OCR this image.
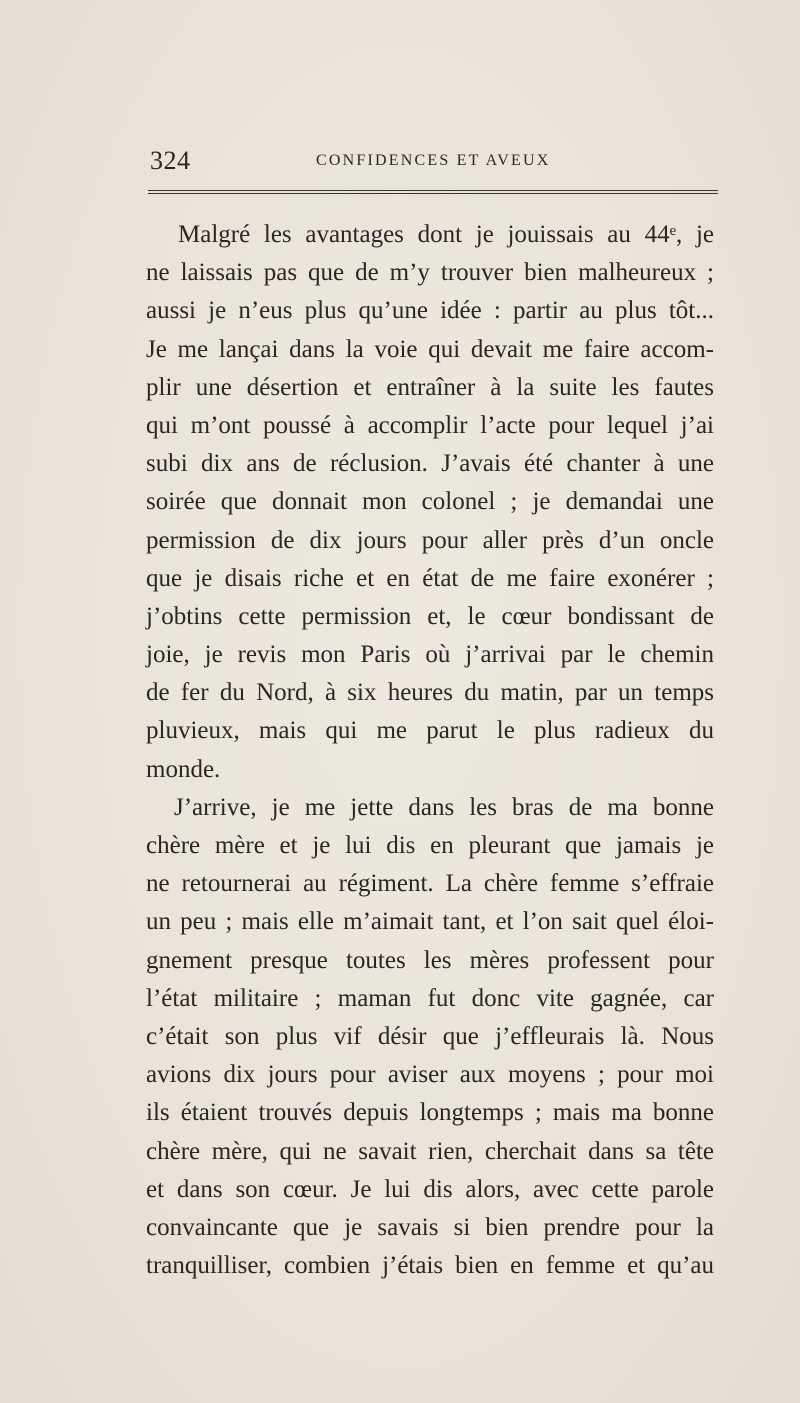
324	CONFIDENCES ET AVEUX
Malgré les avantages dont je jouissais au 44ᵉ, je
ne laissais pas que de m’y trouver bien malheureux ;
aussi je n’eus plus qu’une idée : partir au plus tôt...
Je me lançai dans la voie qui devait me faire accom-
plir une désertion et entraîner à la suite les fautes
qui m’ont poussé à accomplir l’acte pour lequel j’ai
subi dix ans de réclusion. J’avais été chanter à une
soirée que donnait mon colonel ; je demandai une
permission de dix jours pour aller près d’un oncle
que je disais riche et en état de me faire exonérer ;
j’obtins cette permission et, le cœur bondissant de
joie, je revis mon Paris où j’arrivai par le chemin
de fer du Nord, à six heures du matin, par un temps
pluvieux, mais qui me parut le plus radieux du
monde.
J’arrive, je me jette dans les bras de ma bonne
chère mère et je lui dis en pleurant que jamais je
ne retournerai au régiment. La chère femme s’effraie
un peu ; mais elle m’aimait tant, et l’on sait quel éloi-
gnement presque toutes les mères professent pour
l’état militaire ; maman fut donc vite gagnée, car
c’était son plus vif désir que j’effleurais là. Nous
avions dix jours pour aviser aux moyens ; pour moi
ils étaient trouvés depuis longtemps ; mais ma bonne
chère mère, qui ne savait rien, cherchait dans sa tête
et dans son cœur. Je lui dis alors, avec cette parole
convaincante que je savais si bien prendre pour la
tranquilliser, combien j’étais bien en femme et qu’au
